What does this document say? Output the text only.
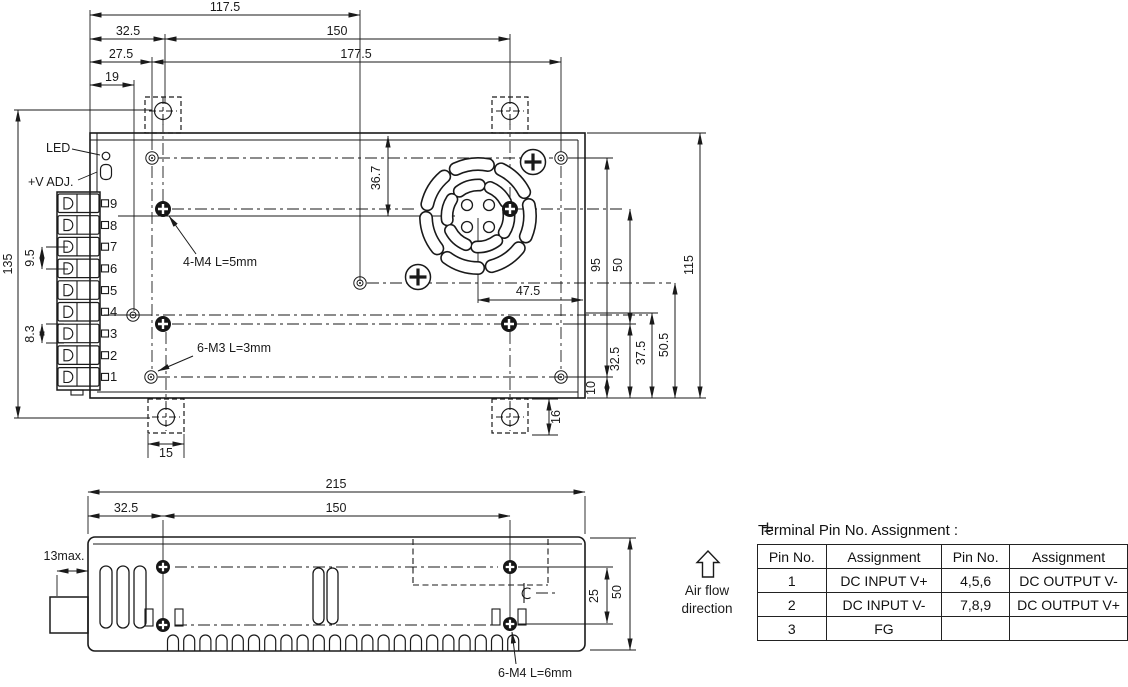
9
8
7
6
5
4
3
2
1
117.5
32.5	150
27.5	177.5
19
135 9.5
8.3
36.7
47.5
95
10
50
32.5 37.5 50.5
115
15
16
LED
+V ADJ.
4-M4 L=5mm
6-M3 L=3mm
215
32.5	150
13max.
25 50
6-M4 L=6mm
Air flow
direction
Terminal Pin No. Assignment :
Pin No.	Assignment	Pin No.	Assignment
1	DC INPUT V+	4,5,6	DC OUTPUT V-
2	DC INPUT V-	7,8,9	DC OUTPUT V+
3	FG
